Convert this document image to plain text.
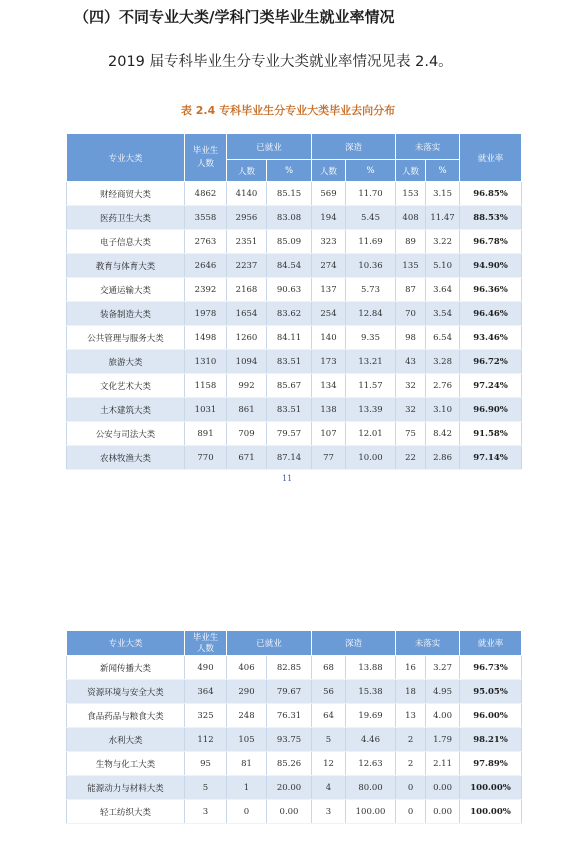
（四）不同专业大类/学科门类毕业生就业率情况
2019 届专科毕业生分专业大类就业率情况见表 2.4。
表 2.4 专科毕业生分专业大类毕业去向分布
专业大类	毕业生人数	已就业		深造		未落实		就业率
		人数	%	人数	%	人数	%	
财经商贸大类	4862	4140	85.15	569	11.70	153	3.15	96.85%
医药卫生大类	3558	2956	83.08	194	5.45	408	11.47	88.53%
电子信息大类	2763	2351	85.09	323	11.69	89	3.22	96.78%
教育与体育大类	2646	2237	84.54	274	10.36	135	5.10	94.90%
交通运输大类	2392	2168	90.63	137	5.73	87	3.64	96.36%
装备制造大类	1978	1654	83.62	254	12.84	70	3.54	96.46%
公共管理与服务大类	1498	1260	84.11	140	9.35	98	6.54	93.46%
旅游大类	1310	1094	83.51	173	13.21	43	3.28	96.72%
文化艺术大类	1158	992	85.67	134	11.57	32	2.76	97.24%
土木建筑大类	1031	861	83.51	138	13.39	32	3.10	96.90%
公安与司法大类	891	709	79.57	107	12.01	75	8.42	91.58%
农林牧渔大类	770	671	87.14	77	10.00	22	2.86	97.14%
11
专业大类	毕业生人数	已就业		深造		未落实		就业率
新闻传播大类	490	406	82.85	68	13.88	16	3.27	96.73%
资源环境与安全大类	364	290	79.67	56	15.38	18	4.95	95.05%
食品药品与粮食大类	325	248	76.31	64	19.69	13	4.00	96.00%
水利大类	112	105	93.75	5	4.46	2	1.79	98.21%
生物与化工大类	95	81	85.26	12	12.63	2	2.11	97.89%
能源动力与材料大类	5	1	20.00	4	80.00	0	0.00	100.00%
轻工纺织大类	3	0	0.00	3	100.00	0	0.00	100.00%
